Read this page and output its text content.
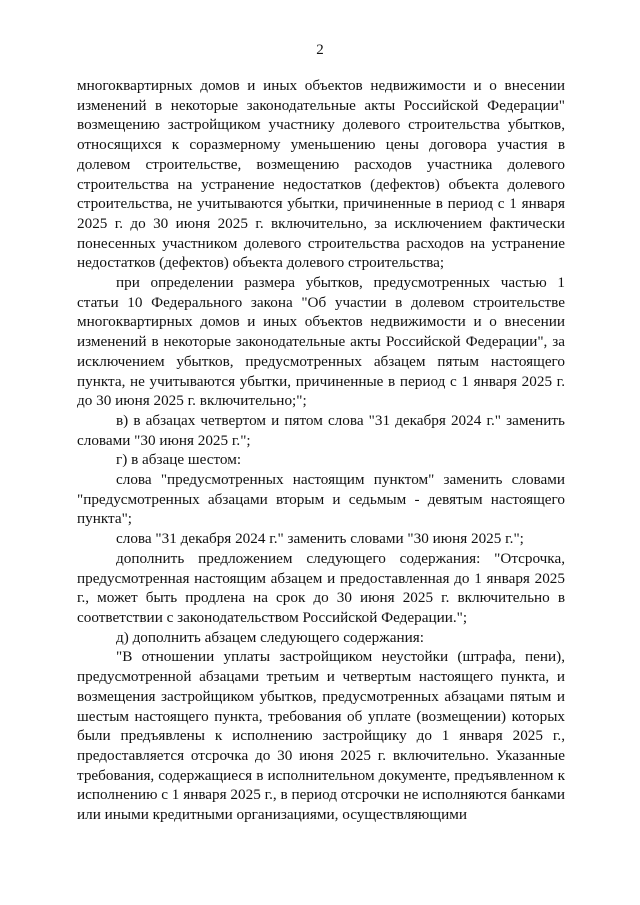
2

многоквартирных домов и иных объектов недвижимости и о внесении изменений в некоторые законодательные акты Российской Федерации" возмещению застройщиком участнику долевого строительства убытков, относящихся к соразмерному уменьшению цены договора участия в долевом строительстве, возмещению расходов участника долевого строительства на устранение недостатков (дефектов) объекта долевого строительства, не учитываются убытки, причиненные в период с 1 января 2025 г. до 30 июня 2025 г. включительно, за исключением фактически понесенных участником долевого строительства расходов на устранение недостатков (дефектов) объекта долевого строительства;

при определении размера убытков, предусмотренных частью 1 статьи 10 Федерального закона "Об участии в долевом строительстве многоквартирных домов и иных объектов недвижимости и о внесении изменений в некоторые законодательные акты Российской Федерации", за исключением убытков, предусмотренных абзацем пятым настоящего пункта, не учитываются убытки, причиненные в период с 1 января 2025 г. до 30 июня 2025 г. включительно;";

в) в абзацах четвертом и пятом слова "31 декабря 2024 г." заменить словами "30 июня 2025 г.";

г) в абзаце шестом:

слова "предусмотренных настоящим пунктом" заменить словами "предусмотренных абзацами вторым и седьмым - девятым настоящего пункта";

слова "31 декабря 2024 г." заменить словами "30 июня 2025 г.";

дополнить предложением следующего содержания: "Отсрочка, предусмотренная настоящим абзацем и предоставленная до 1 января 2025 г., может быть продлена на срок до 30 июня 2025 г. включительно в соответствии с законодательством Российской Федерации.";

д) дополнить абзацем следующего содержания:

"В отношении уплаты застройщиком неустойки (штрафа, пени), предусмотренной абзацами третьим и четвертым настоящего пункта, и возмещения застройщиком убытков, предусмотренных абзацами пятым и шестым настоящего пункта, требования об уплате (возмещении) которых были предъявлены к исполнению застройщику до 1 января 2025 г., предоставляется отсрочка до 30 июня 2025 г. включительно. Указанные требования, содержащиеся в исполнительном документе, предъявленном к исполнению с 1 января 2025 г., в период отсрочки не исполняются банками или иными кредитными организациями, осуществляющими
